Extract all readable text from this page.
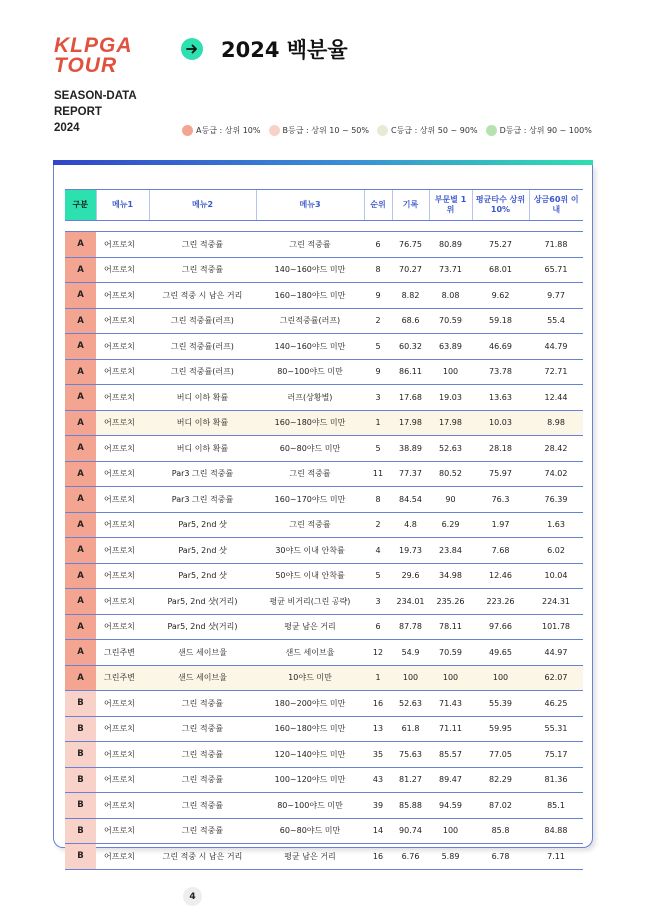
KLPGA
TOUR
SEASON-DATA
REPORT
2024
2024 백분율
A등급 : 상위 10%	B등급 : 상위 10 ~ 50%	C등급 : 상위 50 ~ 90%	D등급 : 상위 90 ~ 100%
구분	메뉴1	메뉴2	메뉴3	순위	기록	부문별 1위	평균타수 상위10%	상금60위 이내

A	어프로치	그린 적중률	그린 적중률	6	76.75	80.89	75.27	71.88
A	어프로치	그린 적중률	140~160야드 미만	8	70.27	73.71	68.01	65.71
A	어프로치	그린 적중 시 남은 거리	160~180야드 미만	9	8.82	8.08	9.62	9.77
A	어프로치	그린 적중률(러프)	그린적중률(러프)	2	68.6	70.59	59.18	55.4
A	어프로치	그린 적중률(러프)	140~160야드 미만	5	60.32	63.89	46.69	44.79
A	어프로치	그린 적중률(러프)	80~100야드 미만	9	86.11	100	73.78	72.71
A	어프로치	버디 이하 확률	러프(상황별)	3	17.68	19.03	13.63	12.44
A	어프로치	버디 이하 확률	160~180야드 미만	1	17.98	17.98	10.03	8.98
A	어프로치	버디 이하 확률	60~80야드 미만	5	38.89	52.63	28.18	28.42
A	어프로치	Par3 그린 적중률	그린 적중률	11	77.37	80.52	75.97	74.02
A	어프로치	Par3 그린 적중률	160~170야드 미만	8	84.54	90	76.3	76.39
A	어프로치	Par5, 2nd 샷	그린 적중률	2	4.8	6.29	1.97	1.63
A	어프로치	Par5, 2nd 샷	30야드 이내 안착률	4	19.73	23.84	7.68	6.02
A	어프로치	Par5, 2nd 샷	50야드 이내 안착률	5	29.6	34.98	12.46	10.04
A	어프로치	Par5, 2nd 샷(거리)	평균 비거리(그린 공략)	3	234.01	235.26	223.26	224.31
A	어프로치	Par5, 2nd 샷(거리)	평균 남은 거리	6	87.78	78.11	97.66	101.78
A	그린주변	샌드 세이브율	샌드 세이브율	12	54.9	70.59	49.65	44.97
A	그린주변	샌드 세이브율	10야드 미만	1	100	100	100	62.07
B	어프로치	그린 적중률	180~200야드 미만	16	52.63	71.43	55.39	46.25
B	어프로치	그린 적중률	160~180야드 미만	13	61.8	71.11	59.95	55.31
B	어프로치	그린 적중률	120~140야드 미만	35	75.63	85.57	77.05	75.17
B	어프로치	그린 적중률	100~120야드 미만	43	81.27	89.47	82.29	81.36
B	어프로치	그린 적중률	80~100야드 미만	39	85.88	94.59	87.02	85.1
B	어프로치	그린 적중률	60~80야드 미만	14	90.74	100	85.8	84.88
B	어프로치	그린 적중 시 남은 거리	평균 남은 거리	16	6.76	5.89	6.78	7.11
4
